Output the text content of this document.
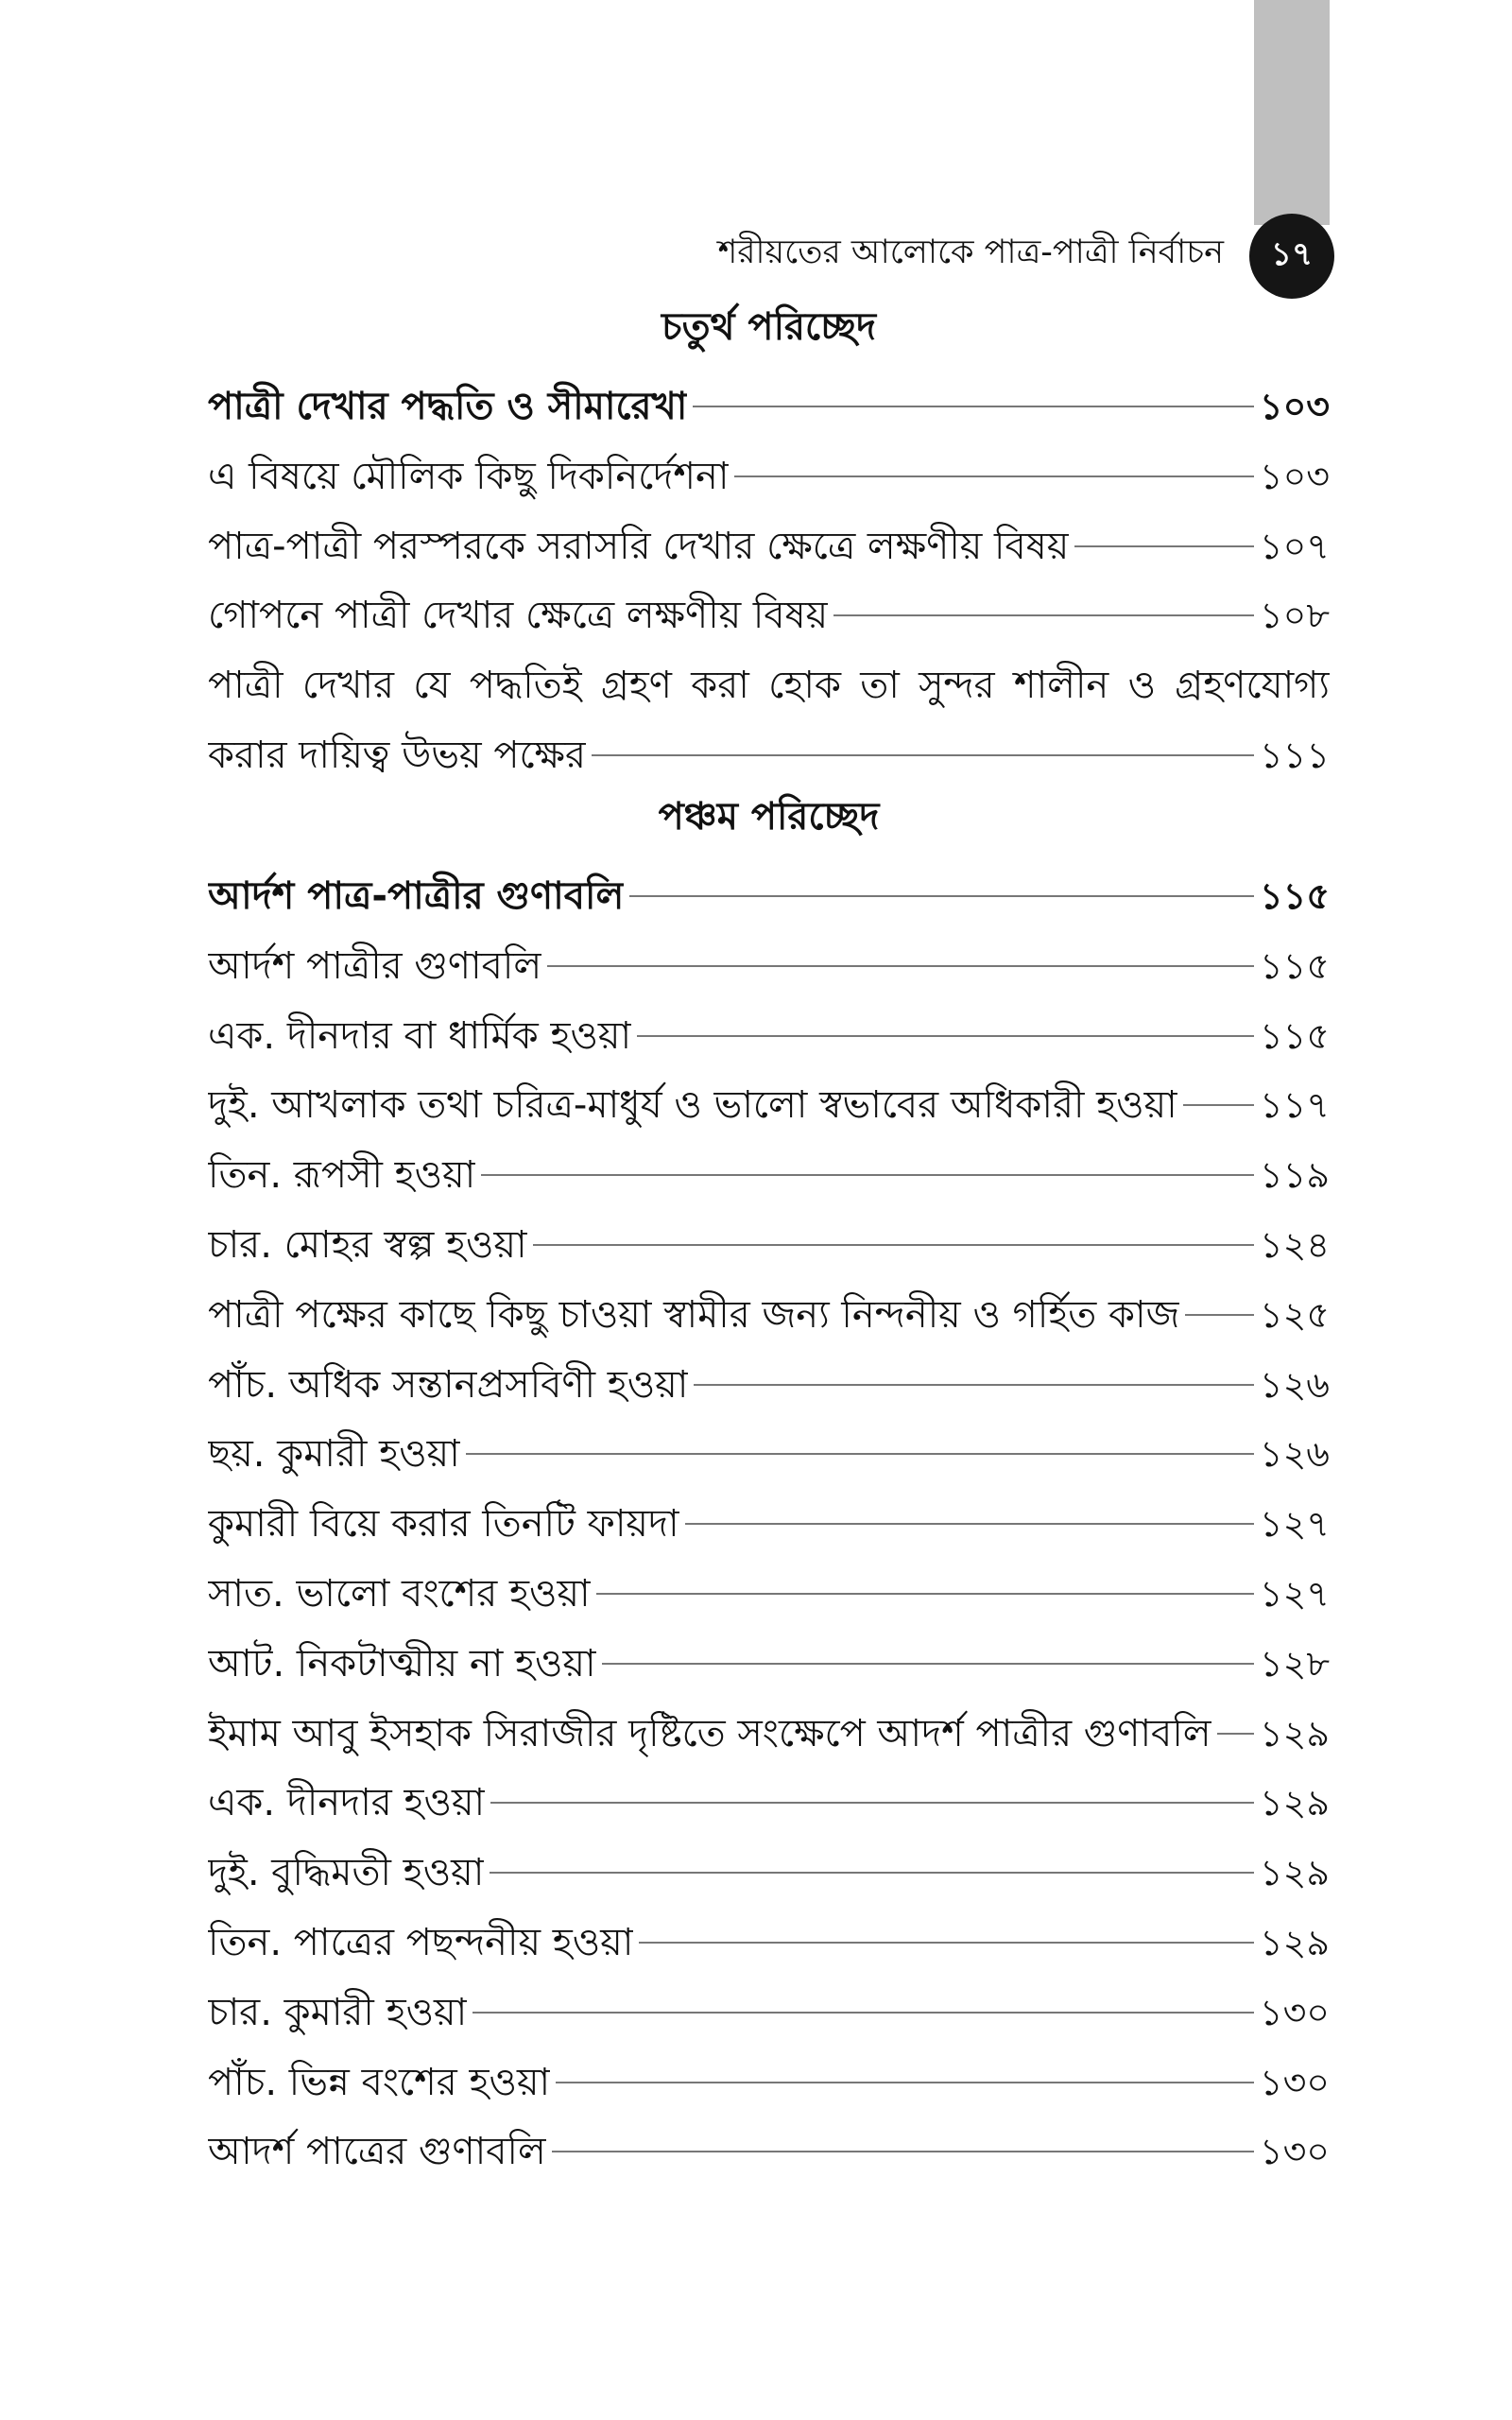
শরীয়তের আলোকে পাত্র-পাত্রী নির্বাচন	১৭
চতুর্থ পরিচ্ছেদ
পাত্রী দেখার পদ্ধতি ও সীমারেখা	১০৩
এ বিষয়ে মৌলিক কিছু দিকনির্দেশনা	১০৩
পাত্র-পাত্রী পরস্পরকে সরাসরি দেখার ক্ষেত্রে লক্ষণীয় বিষয়	১০৭
গোপনে পাত্রী দেখার ক্ষেত্রে লক্ষণীয় বিষয়	১০৮
পাত্রী দেখার যে পদ্ধতিই গ্রহণ করা হোক তা সুন্দর শালীন ও গ্রহণযোগ্য
করার দায়িত্ব উভয় পক্ষের	১১১
পঞ্চম পরিচ্ছেদ
আর্দশ পাত্র-পাত্রীর গুণাবলি	১১৫
আর্দশ পাত্রীর গুণাবলি	১১৫
এক. দীনদার বা ধার্মিক হওয়া	১১৫
দুই. আখলাক তথা চরিত্র-মাধুর্য ও ভালো স্বভাবের অধিকারী হওয়া ১১৭
তিন. রূপসী হওয়া	১১৯
চার. মোহর স্বল্প হওয়া	১২৪
পাত্রী পক্ষের কাছে কিছু চাওয়া স্বামীর জন্য নিন্দনীয় ও গর্হিত কাজ ১২৫
পাঁচ. অধিক সন্তানপ্রসবিণী হওয়া	১২৬
ছয়. কুমারী হওয়া	১২৬
কুমারী বিয়ে করার তিনটি ফায়দা	১২৭
সাত. ভালো বংশের হওয়া	১২৭
আট. নিকটাত্মীয় না হওয়া	১২৮
ইমাম আবু ইসহাক সিরাজীর দৃষ্টিতে সংক্ষেপে আদর্শ পাত্রীর গুণাবলি ১২৯
এক. দীনদার হওয়া	১২৯
দুই. বুদ্ধিমতী হওয়া	১২৯
তিন. পাত্রের পছন্দনীয় হওয়া	১২৯
চার. কুমারী হওয়া	১৩০
পাঁচ. ভিন্ন বংশের হওয়া	১৩০
আদর্শ পাত্রের গুণাবলি	১৩০
